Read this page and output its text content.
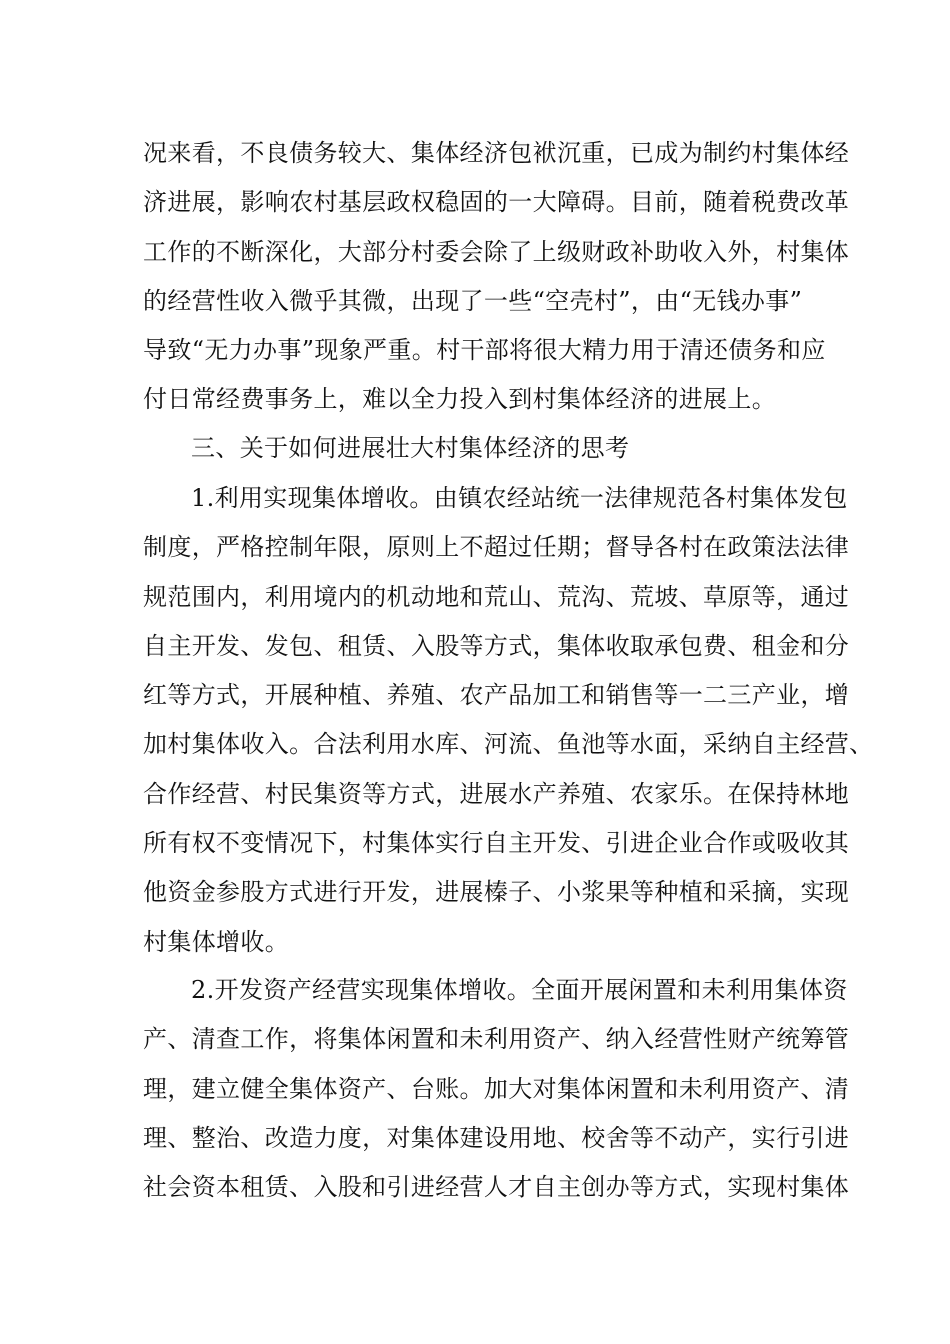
况来看，不良债务较大、集体经济包袱沉重，已成为制约村集体经
济进展，影响农村基层政权稳固的一大障碍。目前，随着税费改革
工作的不断深化，大部分村委会除了上级财政补助收入外，村集体
的经营性收入微乎其微，出现了一些“空壳村”，由“无钱办事”
导致“无力办事”现象严重。村干部将很大精力用于清还债务和应
付日常经费事务上，难以全力投入到村集体经济的进展上。
三、关于如何进展壮大村集体经济的思考
1.利用实现集体增收。由镇农经站统一法律规范各村集体发包
制度，严格控制年限，原则上不超过任期；督导各村在政策法法律
规范围内，利用境内的机动地和荒山、荒沟、荒坡、草原等，通过
自主开发、发包、租赁、入股等方式，集体收取承包费、租金和分
红等方式，开展种植、养殖、农产品加工和销售等一二三产业，增
加村集体收入。合法利用水库、河流、鱼池等水面，采纳自主经营、
合作经营、村民集资等方式，进展水产养殖、农家乐。在保持林地
所有权不变情况下，村集体实行自主开发、引进企业合作或吸收其
他资金参股方式进行开发，进展榛子、小浆果等种植和采摘，实现
村集体增收。
2.开发资产经营实现集体增收。全面开展闲置和未利用集体资
产、清查工作，将集体闲置和未利用资产、纳入经营性财产统筹管
理，建立健全集体资产、台账。加大对集体闲置和未利用资产、清
理、整治、改造力度，对集体建设用地、校舍等不动产，实行引进
社会资本租赁、入股和引进经营人才自主创办等方式，实现村集体
